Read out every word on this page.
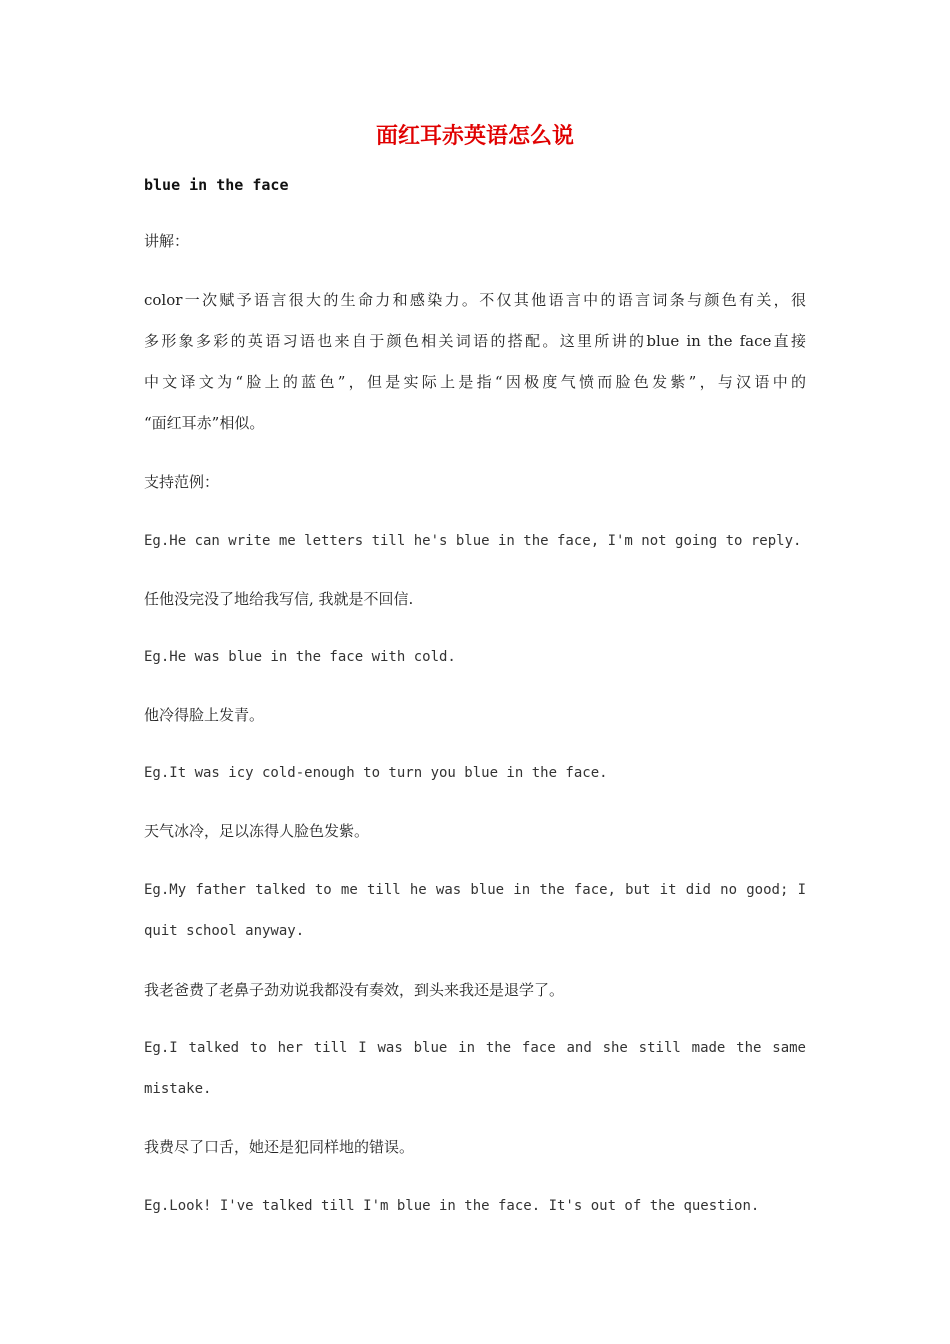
面红耳赤英语怎么说
blue in the face
讲解：
color一次赋予语言很大的生命力和感染力。不仅其他语言中的语言词条与颜色有关，很
多形象多彩的英语习语也来自于颜色相关词语的搭配。这里所讲的blue in the face直接
中文译文为“脸上的蓝色”，但是实际上是指“因极度气愤而脸色发紫”，与汉语中的
“面红耳赤”相似。
支持范例：
Eg.He can write me letters till he's blue in the face, I'm not going to reply.
任他没完没了地给我写信, 我就是不回信.
Eg.He was blue in the face with cold.
他冷得脸上发青。
Eg.It was icy cold-enough to turn you blue in the face.
天气冰冷，足以冻得人脸色发紫。
Eg.My father talked to me till he was blue in the face, but it did no good; I
quit school anyway.
我老爸费了老鼻子劲劝说我都没有奏效，到头来我还是退学了。
Eg.I talked to her till I was blue in the face and she still made the same
mistake.
我费尽了口舌，她还是犯同样地的错误。
Eg.Look! I've talked till I'm blue in the face. It's out of the question.
